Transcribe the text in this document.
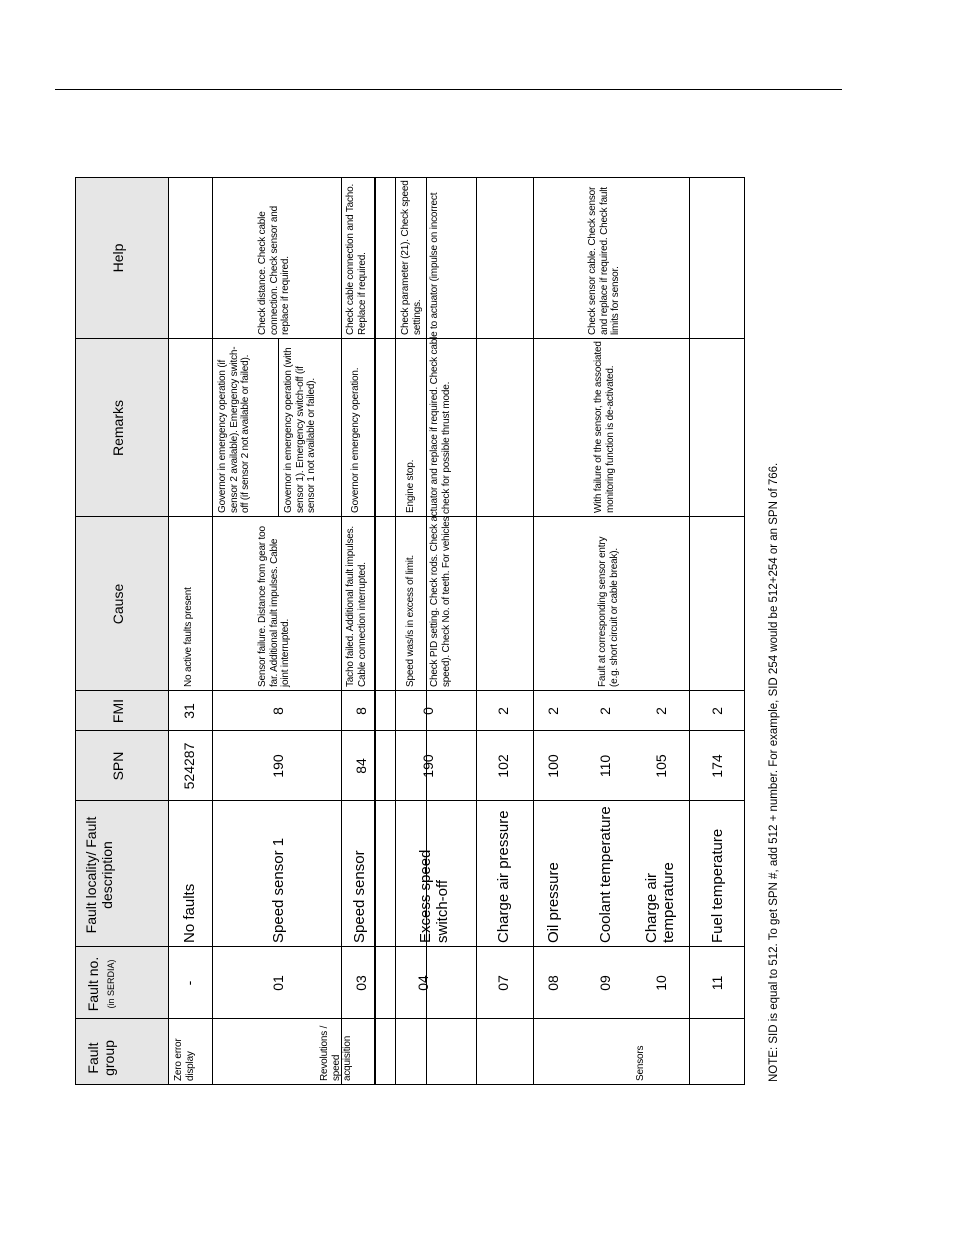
Fault group
Fault no. (in SERDIA)
Fault locality/ Fault description
SPN
FMI
Cause
Remarks
Help
Zero error display
-
No faults
524287
31
No active faults present
Revolutions / speed acquisition
01
Speed sensor 1
190
8
Sensor failure. Distance from gear too far. Additional fault impulses. Cable joint interrupted.
Governor in emergency operation (if sensor 2 available). Emergency switch-off (if sensor 2 not available or failed).	Governor in emergency operation (with sensor 1). Emergency switch-off (if sensor 1 not available or failed).
Check distance. Check cable connection. Check sensor and replace if required.
03
Speed sensor
84
8
Tacho failed. Additional fault impulses. Cable connection interrupted.
Governor in emergency operation.
Check cable connection and Tacho. Replace if required.
04
Excess speed switch-off
190
0
Speed was/is in excess of limit.
Engine stop.
Check parameter (21). Check speed settings. Check PID setting. Check rods. Check actuator and replace if required. Check cable to actuator (impulse on incorrect speed). Check No. of teeth. For vehicles check for possible thrust mode.
Sensors
07
Charge air pressure
102
2
08
Oil pressure
100
2
09
Coolant temperature
110
2
10
Charge air temperature
105
2
11
Fuel temperature
174
2
Fault at corresponding sensor entry (e.g. short circuit or cable break).
With failure of the sensor, the associated monitoring function is de-activated.
Check sensor cable. Check sensor and replace if required. Check fault limits for sensor.
NOTE: SID is equal to 512. To get SPN #, add 512 + number. For example, SID 254 would be 512+254 or an SPN of 766.
